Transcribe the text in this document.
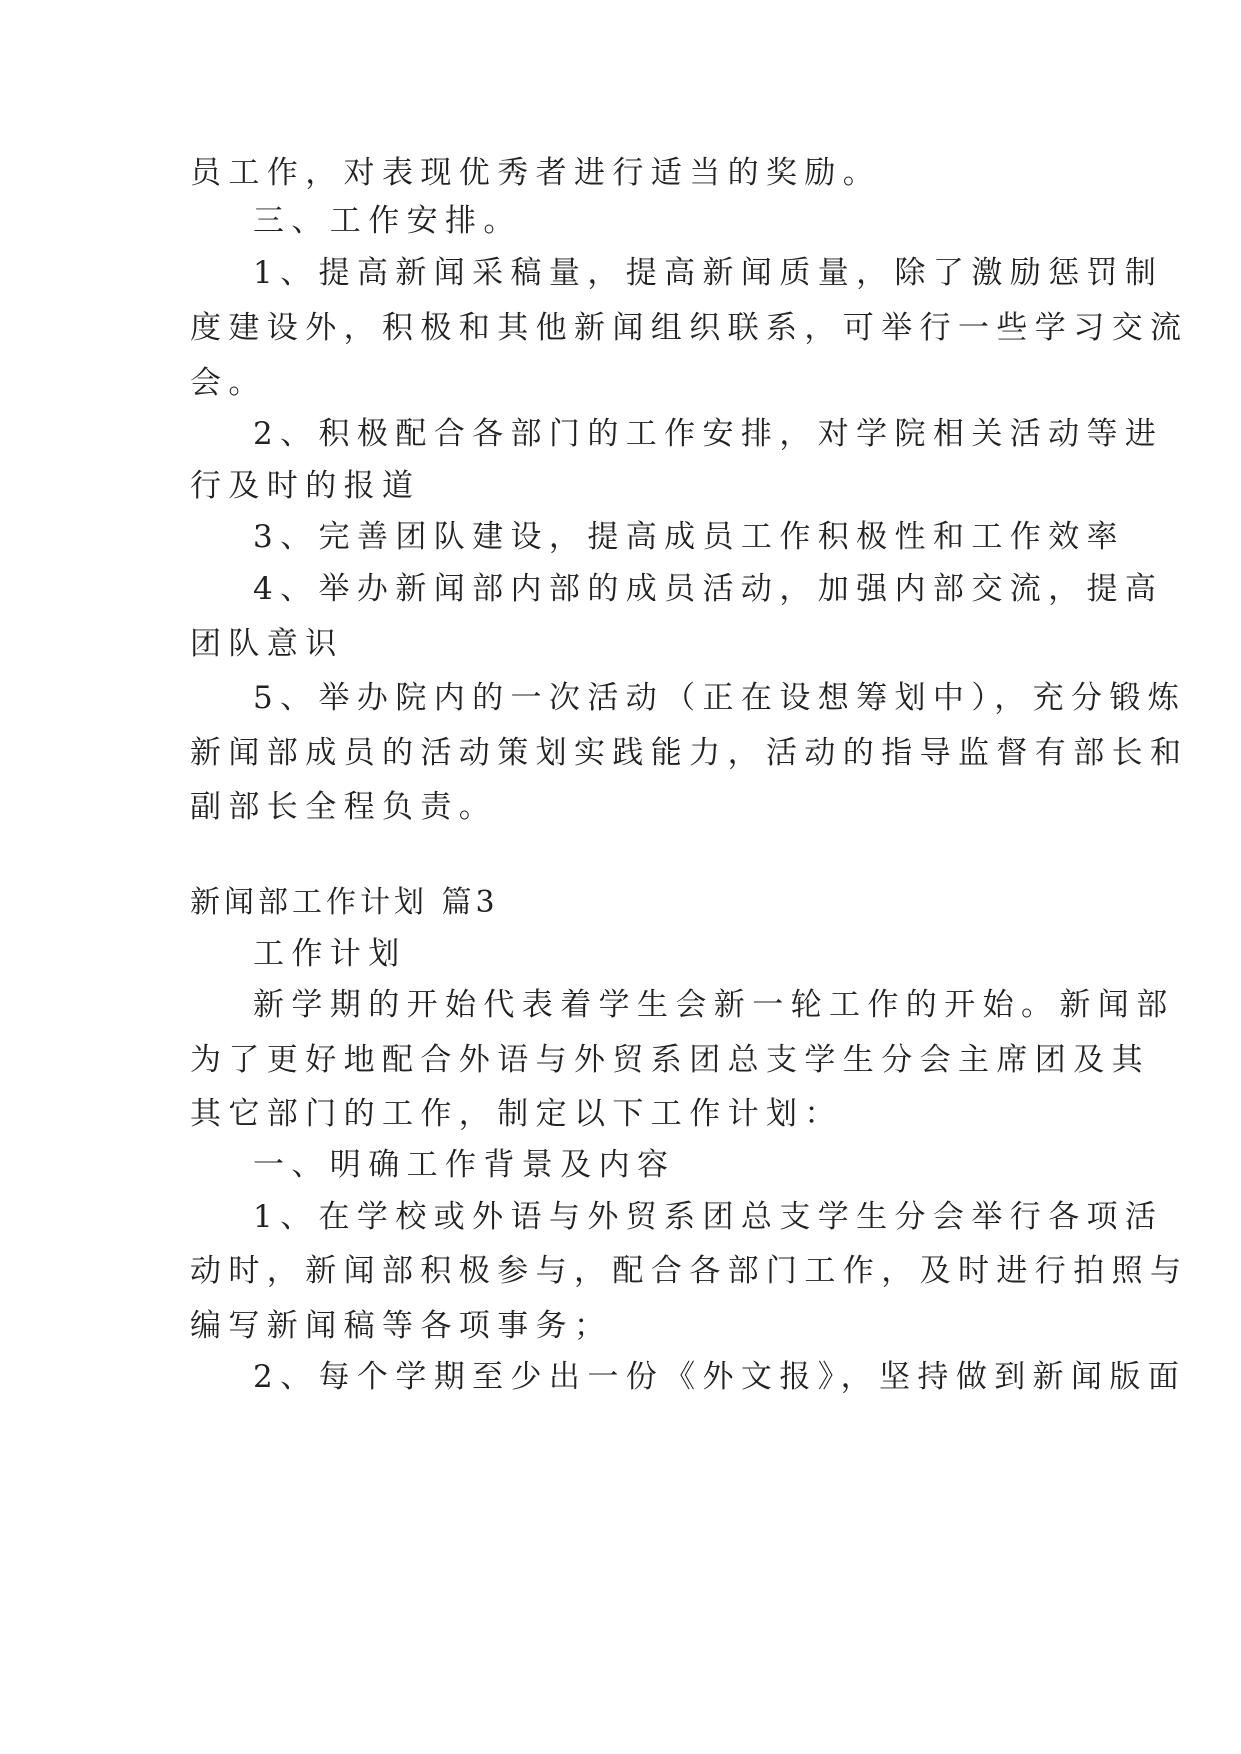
员工作，对表现优秀者进行适当的奖励。
三、工作安排。
1、提高新闻采稿量，提高新闻质量，除了激励惩罚制
度建设外，积极和其他新闻组织联系，可举行一些学习交流
会。
2、积极配合各部门的工作安排，对学院相关活动等进
行及时的报道
3、完善团队建设，提高成员工作积极性和工作效率
4、举办新闻部内部的成员活动，加强内部交流，提高
团队意识
5、举办院内的一次活动（正在设想筹划中），充分锻炼
新闻部成员的活动策划实践能力，活动的指导监督有部长和
副部长全程负责。
新闻部工作计划 篇3
工作计划
新学期的开始代表着学生会新一轮工作的开始。新闻部
为了更好地配合外语与外贸系团总支学生分会主席团及其
其它部门的工作，制定以下工作计划：
一、明确工作背景及内容
1、在学校或外语与外贸系团总支学生分会举行各项活
动时，新闻部积极参与，配合各部门工作，及时进行拍照与
编写新闻稿等各项事务；
2、每个学期至少出一份《外文报》，坚持做到新闻版面
